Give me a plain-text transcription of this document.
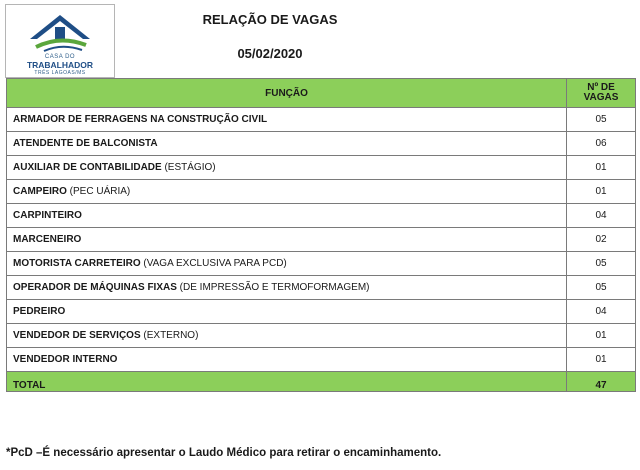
CASA DO
TRABALHADOR
TRÊS LAGOAS/MS
RELAÇÃO DE VAGAS
05/02/2020
FUNÇÃO	Nº DE VAGAS

ARMADOR DE FERRAGENS NA CONSTRUÇÃO CIVIL	05
ATENDENTE DE BALCONISTA	06
AUXILIAR DE CONTABILIDADE (ESTÁGIO)	01
CAMPEIRO (PEC UÁRIA)	01
CARPINTEIRO	04
MARCENEIRO	02
MOTORISTA CARRETEIRO (VAGA EXCLUSIVA PARA PCD)	05
OPERADOR DE MÁQUINAS FIXAS (DE IMPRESSÃO E TERMOFORMAGEM)	05
PEDREIRO	04
VENDEDOR DE SERVIÇOS (EXTERNO)	01
VENDEDOR INTERNO	01
TOTAL	47
*PcD –É necessário apresentar o Laudo Médico para retirar o encaminhamento.
